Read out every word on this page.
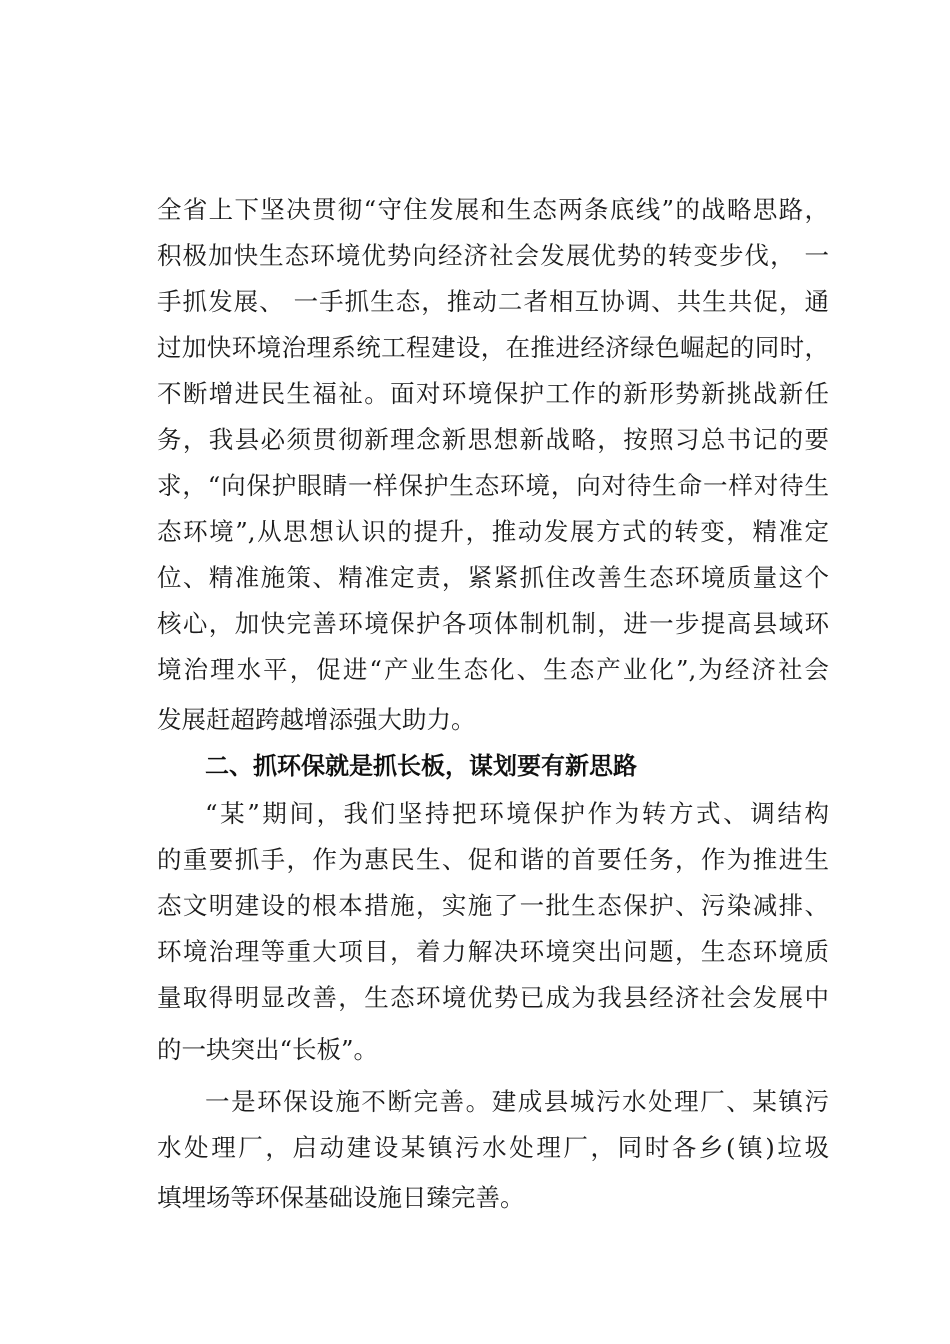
全省上下坚决贯彻“守住发展和生态两条底线”的战略思路，
积极加快生态环境优势向经济社会发展优势的转变步伐， 一
手抓发展、 一手抓生态，推动二者相互协调、共生共促，通
过加快环境治理系统工程建设，在推进经济绿色崛起的同时，
不断增进民生福祉。面对环境保护工作的新形势新挑战新任
务，我县必须贯彻新理念新思想新战略，按照习总书记的要
求，“向保护眼睛一样保护生态环境，向对待生命一样对待生
态环境”,从思想认识的提升，推动发展方式的转变，精准定
位、精准施策、精准定责，紧紧抓住改善生态环境质量这个
核心，加快完善环境保护各项体制机制，进一步提高县域环
境治理水平，促进“产业生态化、生态产业化”,为经济社会
发展赶超跨越增添强大助力。
二、抓环保就是抓长板，谋划要有新思路
“某”期间，我们坚持把环境保护作为转方式、调结构
的重要抓手，作为惠民生、促和谐的首要任务，作为推进生
态文明建设的根本措施，实施了一批生态保护、污染减排、
环境治理等重大项目，着力解决环境突出问题，生态环境质
量取得明显改善，生态环境优势已成为我县经济社会发展中
的一块突出“长板”。
一是环保设施不断完善。建成县城污水处理厂、某镇污
水处理厂，启动建设某镇污水处理厂，同时各乡(镇)垃圾
填埋场等环保基础设施日臻完善。
